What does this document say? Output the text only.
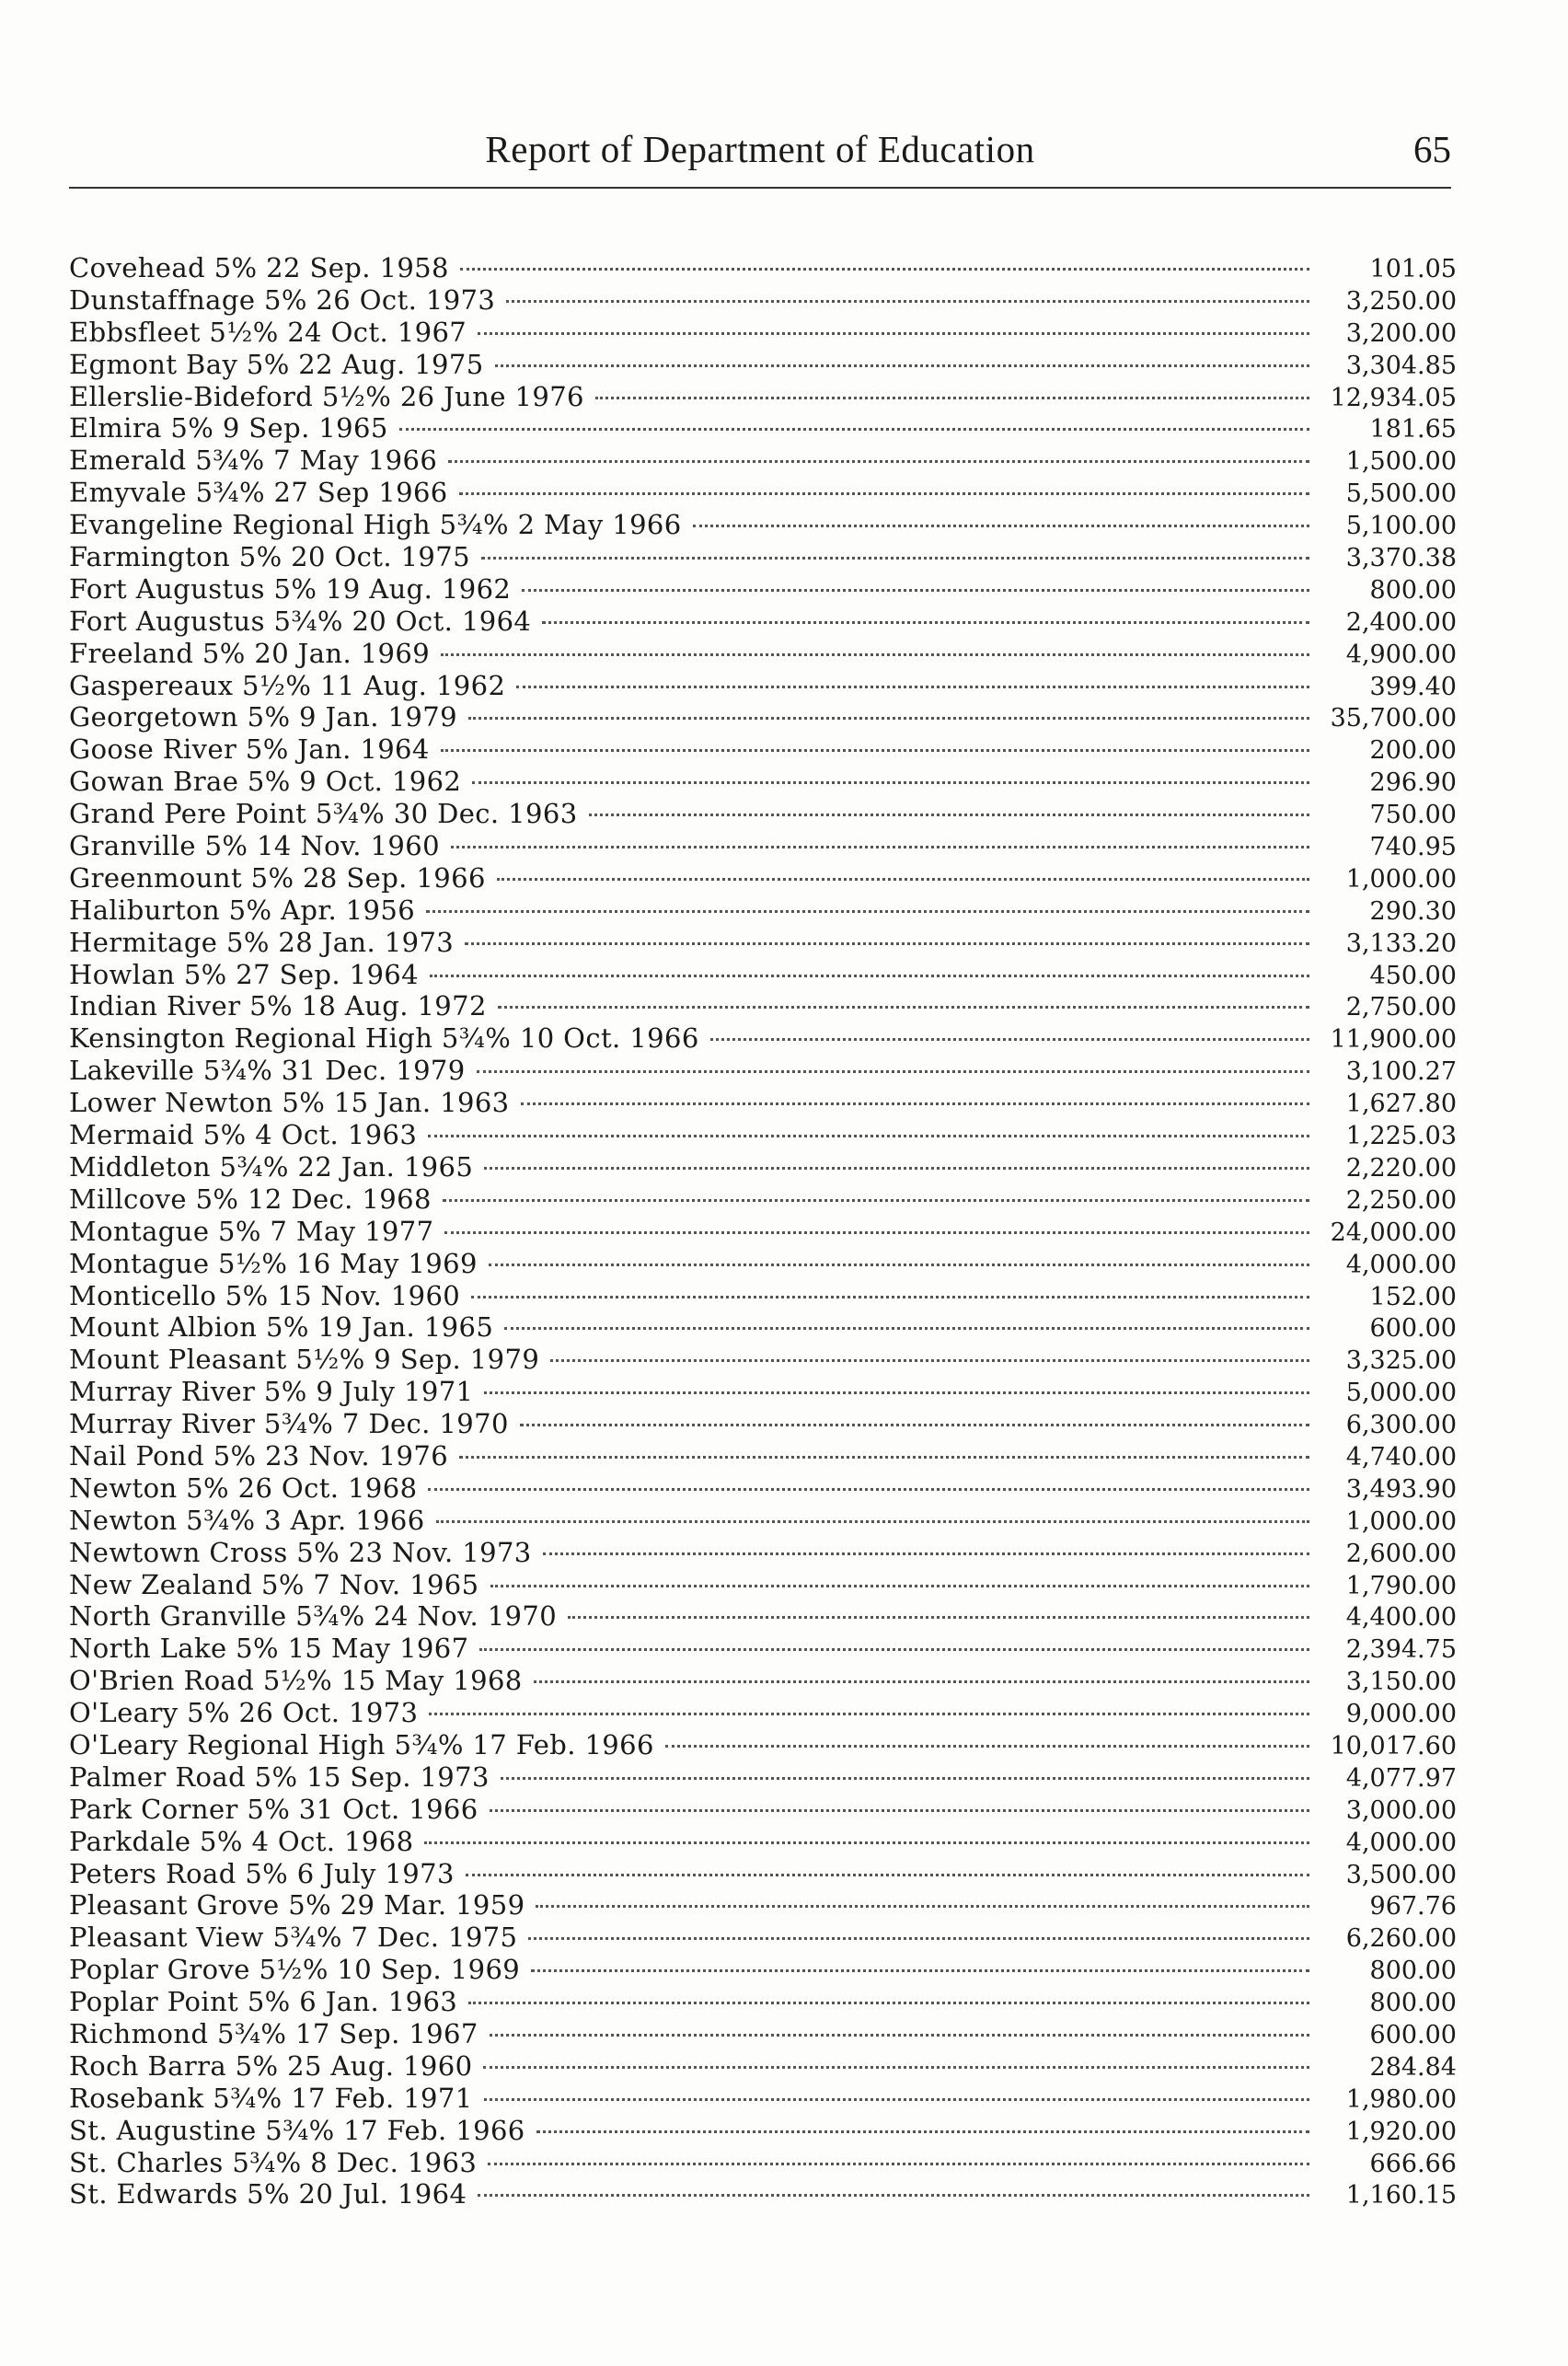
Report of Department of Education	65
Covehead 5% 22 Sep. 1958	101.05
Dunstaffnage 5% 26 Oct. 1973	3,250.00
Ebbsfleet 5½% 24 Oct. 1967	3,200.00
Egmont Bay 5% 22 Aug. 1975	3,304.85
Ellerslie-Bideford 5½% 26 June 1976	12,934.05
Elmira 5% 9 Sep. 1965	181.65
Emerald 5¾% 7 May 1966	1,500.00
Emyvale 5¾% 27 Sep 1966	5,500.00
Evangeline Regional High 5¾% 2 May 1966	5,100.00
Farmington 5% 20 Oct. 1975	3,370.38
Fort Augustus 5% 19 Aug. 1962	800.00
Fort Augustus 5¾% 20 Oct. 1964	2,400.00
Freeland 5% 20 Jan. 1969	4,900.00
Gaspereaux 5½% 11 Aug. 1962	399.40
Georgetown 5% 9 Jan. 1979	35,700.00
Goose River 5% Jan. 1964	200.00
Gowan Brae 5% 9 Oct. 1962	296.90
Grand Pere Point 5¾% 30 Dec. 1963	750.00
Granville 5% 14 Nov. 1960	740.95
Greenmount 5% 28 Sep. 1966	1,000.00
Haliburton 5% Apr. 1956	290.30
Hermitage 5% 28 Jan. 1973	3,133.20
Howlan 5% 27 Sep. 1964	450.00
Indian River 5% 18 Aug. 1972	2,750.00
Kensington Regional High 5¾% 10 Oct. 1966	11,900.00
Lakeville 5¾% 31 Dec. 1979	3,100.27
Lower Newton 5% 15 Jan. 1963	1,627.80
Mermaid 5% 4 Oct. 1963	1,225.03
Middleton 5¾% 22 Jan. 1965	2,220.00
Millcove 5% 12 Dec. 1968	2,250.00
Montague 5% 7 May 1977	24,000.00
Montague 5½% 16 May 1969	4,000.00
Monticello 5% 15 Nov. 1960	152.00
Mount Albion 5% 19 Jan. 1965	600.00
Mount Pleasant 5½% 9 Sep. 1979	3,325.00
Murray River 5% 9 July 1971	5,000.00
Murray River 5¾% 7 Dec. 1970	6,300.00
Nail Pond 5% 23 Nov. 1976	4,740.00
Newton 5% 26 Oct. 1968	3,493.90
Newton 5¾% 3 Apr. 1966	1,000.00
Newtown Cross 5% 23 Nov. 1973	2,600.00
New Zealand 5% 7 Nov. 1965	1,790.00
North Granville 5¾% 24 Nov. 1970	4,400.00
North Lake 5% 15 May 1967	2,394.75
O'Brien Road 5½% 15 May 1968	3,150.00
O'Leary 5% 26 Oct. 1973	9,000.00
O'Leary Regional High 5¾% 17 Feb. 1966	10,017.60
Palmer Road 5% 15 Sep. 1973	4,077.97
Park Corner 5% 31 Oct. 1966	3,000.00
Parkdale 5% 4 Oct. 1968	4,000.00
Peters Road 5% 6 July 1973	3,500.00
Pleasant Grove 5% 29 Mar. 1959	967.76
Pleasant View 5¾% 7 Dec. 1975	6,260.00
Poplar Grove 5½% 10 Sep. 1969	800.00
Poplar Point 5% 6 Jan. 1963	800.00
Richmond 5¾% 17 Sep. 1967	600.00
Roch Barra 5% 25 Aug. 1960	284.84
Rosebank 5¾% 17 Feb. 1971	1,980.00
St. Augustine 5¾% 17 Feb. 1966	1,920.00
St. Charles 5¾% 8 Dec. 1963	666.66
St. Edwards 5% 20 Jul. 1964	1,160.15
